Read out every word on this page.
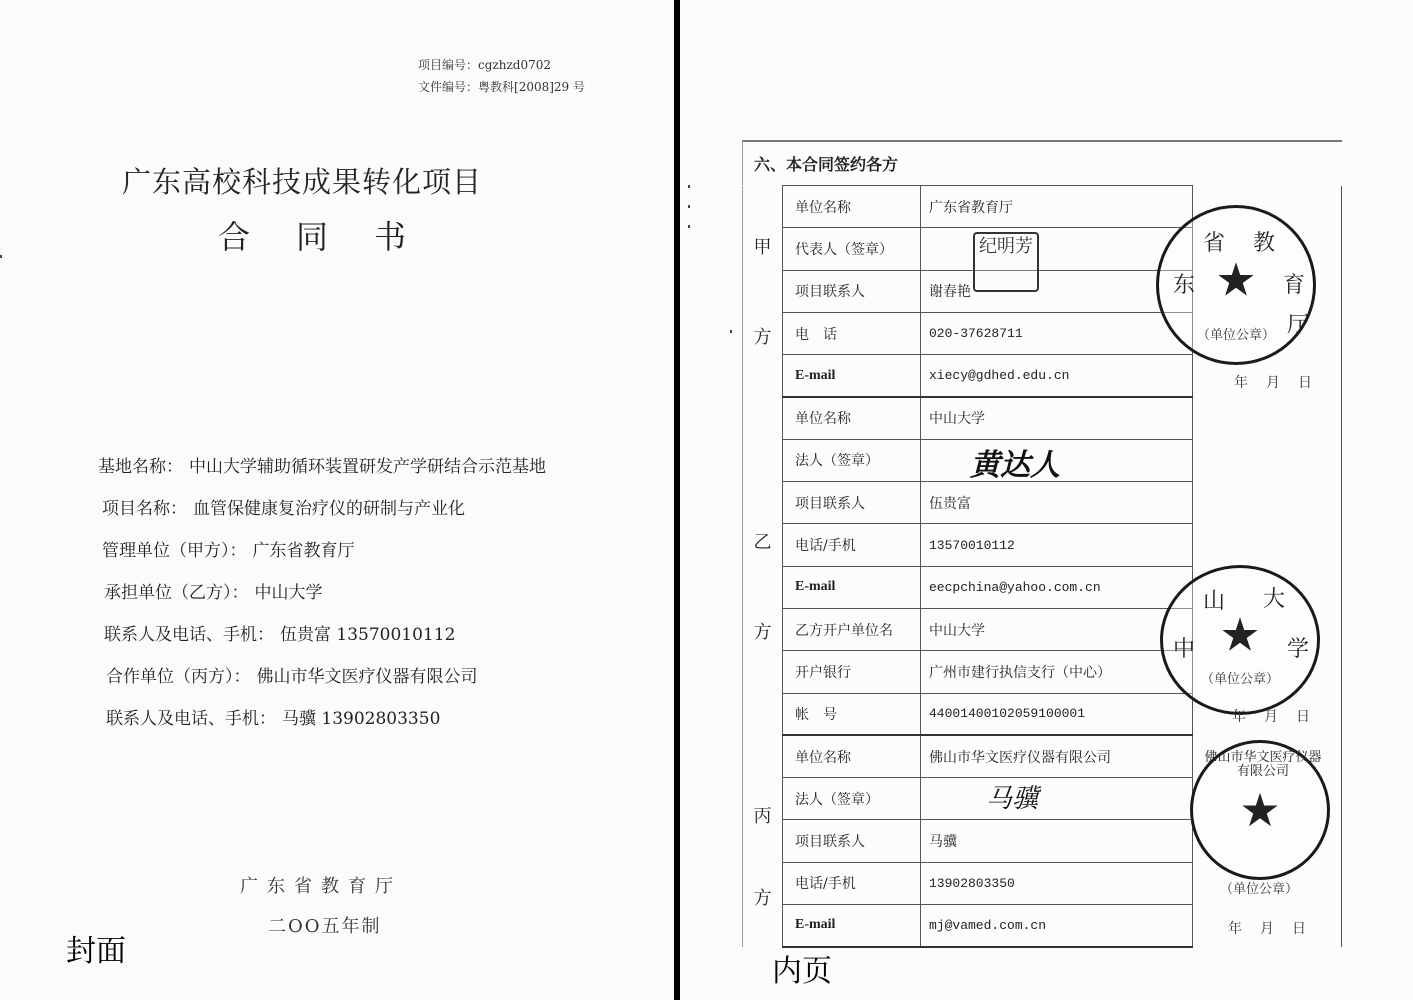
项目编号：cgzhzd0702
文件编号：粤教科[2008]29 号
广东高校科技成果转化项目
合同书
基地名称： 中山大学辅助循环装置研发产学研结合示范基地
项目名称： 血管保健康复治疗仪的研制与产业化
管理单位（甲方）： 广东省教育厅
承担单位（乙方）： 中山大学
联系人及电话、手机： 伍贵富 13570010112
合作单位（丙方）： 佛山市华文医疗仪器有限公司
联系人及电话、手机： 马骥 13902803350
广东省教育厅
二OO五年制
封面
六、本合同签约各方
甲
方	单位名称	广东省教育厅	
	代表人（签章）		
	项目联系人	谢春艳	
	电　话	020-37628711	
	E-mail	xiecy@gdhed.edu.cn	

乙
方	单位名称	中山大学	
	法人（签章）		
	项目联系人	伍贵富	
	电话/手机	13570010112	
	E-mail	eecpchina@yahoo.com.cn	
	乙方开户单位名	中山大学	
	开户银行	广州市建行执信支行（中心）	
	帐　号	44001400102059100001	

丙
方	单位名称	佛山市华文医疗仪器有限公司	
	法人（签章）		
	项目联系人	马骥	
	电话/手机	13902803350	
	E-mail	mj@vamed.com.cn	
纪明芳
黄达人
马骥
★
省 教
东	育
厅
（单位公章）
年月日
★
山 大
中	学
（单位公章）
年月日
★
佛山市华文医疗仪器有限公司
（单位公章）
年月日
内页
